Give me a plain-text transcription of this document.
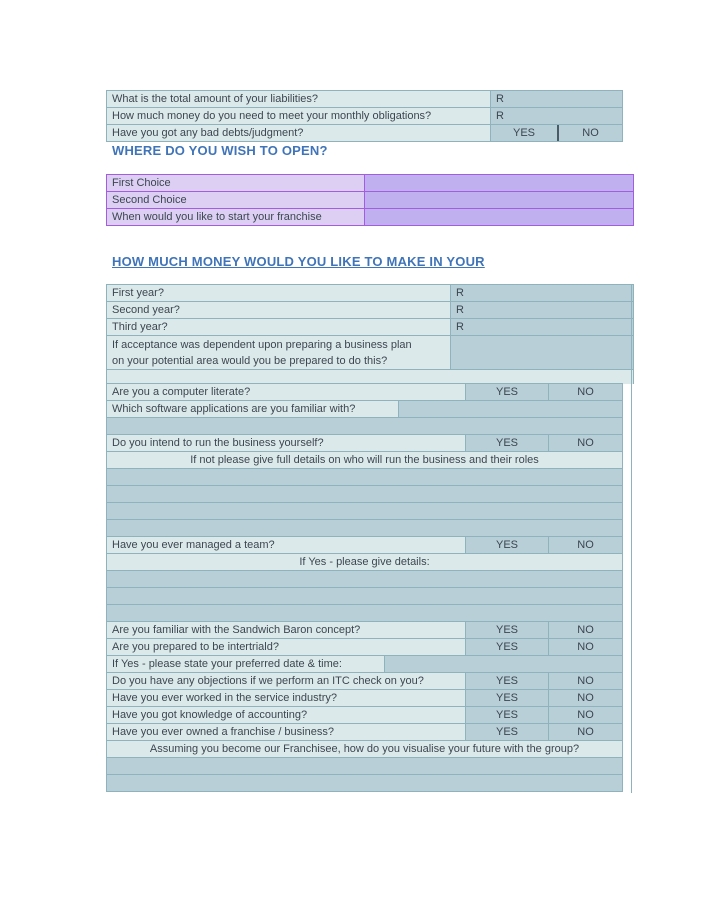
What is the total amount of your liabilities?	R
How much money do you need to meet your monthly obligations?	R
Have you got any bad debts/judgment?	YES	NO
WHERE DO YOU WISH TO OPEN?
First Choice
Second Choice
When would you like to start your franchise
HOW MUCH MONEY WOULD YOU LIKE TO MAKE IN YOUR
First year?	R
Second year?	R
Third year?	R
If acceptance was dependent upon preparing a business plan
on your potential area would you be prepared to do this?
Are you a computer literate?	YES	NO
Which software applications are you familiar with?
Do you intend to run the business yourself?	YES	NO
If not please give full details on who will run the business and their roles
Have you ever managed a team?	YES	NO
If Yes - please give details:
Are you familiar with the Sandwich Baron concept?	YES	NO
Are you prepared to be intertriald?	YES	NO
If Yes - please state your preferred date & time:
Do you have any objections if we perform an ITC check on you?	YES	NO
Have you ever worked in the service industry?	YES	NO
Have you got knowledge of accounting?	YES	NO
Have you ever owned a franchise / business?	YES	NO
Assuming you become our Franchisee, how do you visualise your future with the group?
